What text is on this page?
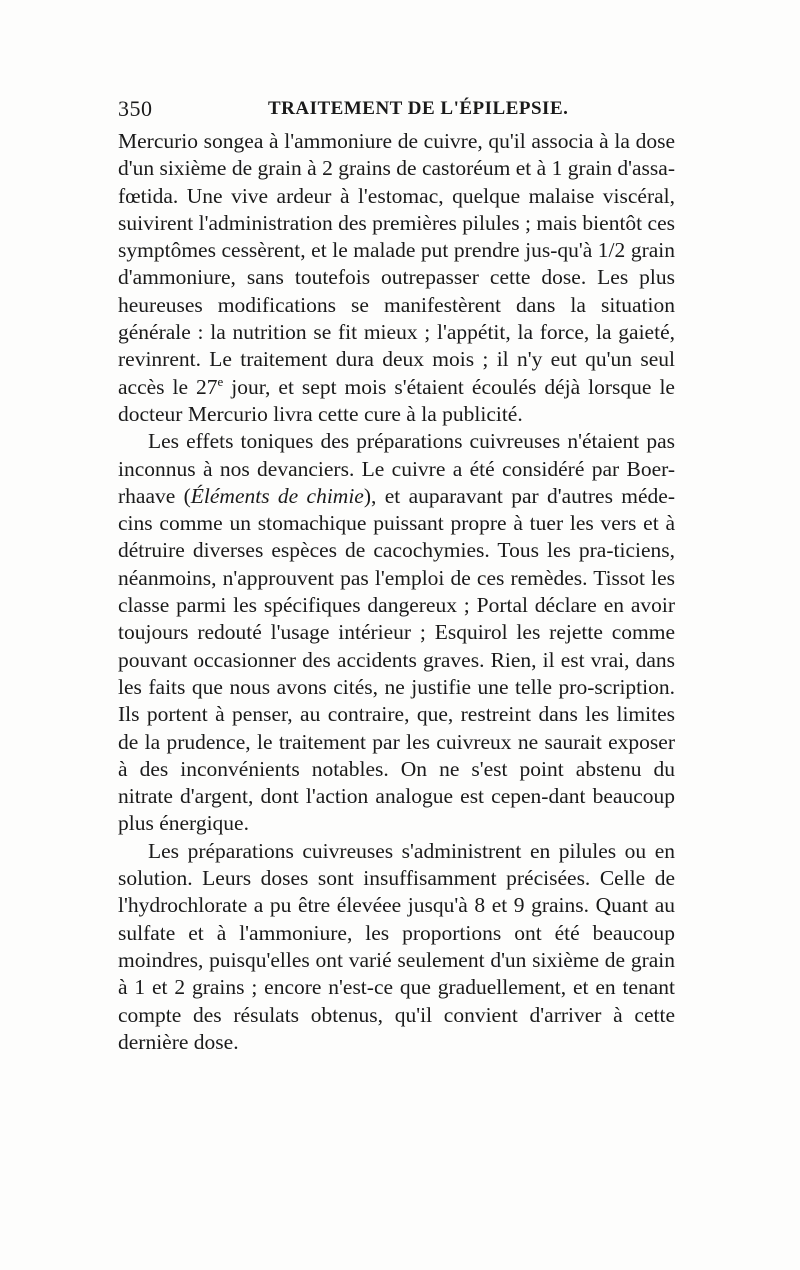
350	TRAITEMENT DE L'ÉPILEPSIE.

Mercurio songea à l'ammoniure de cuivre, qu'il associa à la dose d'un sixième de grain à 2 grains de castoréum et à 1 grain d'assa-fœtida. Une vive ardeur à l'estomac, quelque malaise viscéral, suivirent l'administration des premières pilules ; mais bientôt ces symptômes cessèrent, et le malade put prendre jus-qu'à 1/2 grain d'ammoniure, sans toutefois outrepasser cette dose. Les plus heureuses modifications se manifestèrent dans la situation générale : la nutrition se fit mieux ; l'appétit, la force, la gaieté, revinrent. Le traitement dura deux mois ; il n'y eut qu'un seul accès le 27e jour, et sept mois s'étaient écoulés déjà lorsque le docteur Mercurio livra cette cure à la publicité.

Les effets toniques des préparations cuivreuses n'étaient pas inconnus à nos devanciers. Le cuivre a été considéré par Boer-rhaave (Éléments de chimie), et auparavant par d'autres méde-cins comme un stomachique puissant propre à tuer les vers et à détruire diverses espèces de cacochymies. Tous les pra-ticiens, néanmoins, n'approuvent pas l'emploi de ces remèdes. Tissot les classe parmi les spécifiques dangereux ; Portal déclare en avoir toujours redouté l'usage intérieur ; Esquirol les rejette comme pouvant occasionner des accidents graves. Rien, il est vrai, dans les faits que nous avons cités, ne justifie une telle pro-scription. Ils portent à penser, au contraire, que, restreint dans les limites de la prudence, le traitement par les cuivreux ne saurait exposer à des inconvénients notables. On ne s'est point abstenu du nitrate d'argent, dont l'action analogue est cepen-dant beaucoup plus énergique.

Les préparations cuivreuses s'administrent en pilules ou en solution. Leurs doses sont insuffisamment précisées. Celle de l'hydrochlorate a pu être élevéee jusqu'à 8 et 9 grains. Quant au sulfate et à l'ammoniure, les proportions ont été beaucoup moindres, puisqu'elles ont varié seulement d'un sixième de grain à 1 et 2 grains ; encore n'est-ce que graduellement, et en tenant compte des résulats obtenus, qu'il convient d'arriver à cette dernière dose.
